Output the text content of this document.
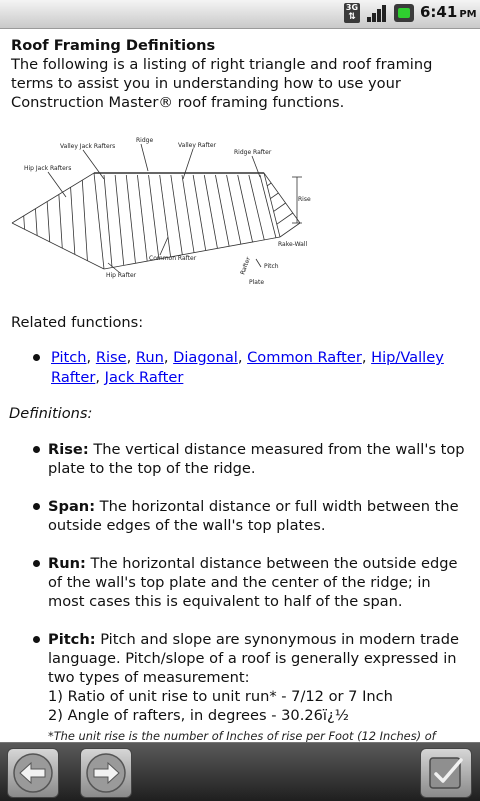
3G
⇅	6:41 PM
Roof Framing Definitions
The following is a listing of right triangle and roof framing terms to assist you in understanding how to use your Construction Master® roof framing functions.
Valley Jack Rafters
Ridge
Valley Rafter
Ridge Rafter
Hip Jack Rafters
Rise
Rake-Wall
Common Rafter
Pitch
Rafter
Hip Rafter
Plate
Related functions:
Pitch, Rise, Run, Diagonal, Common Rafter, Hip/Valley Rafter, Jack Rafter
Definitions:
Rise: The vertical distance measured from the wall's top plate to the top of the ridge.
Span: The horizontal distance or full width between the outside edges of the wall's top plates.
Run: The horizontal distance between the outside edge of the wall's top plate and the center of the ridge; in most cases this is equivalent to half of the span.
Pitch: Pitch and slope are synonymous in modern trade language. Pitch/slope of a roof is generally expressed in two types of measurement:
1) Ratio of unit rise to unit run* - 7/12 or 7 Inch
2) Angle of rafters, in degrees - 30.26ï¿½
*The unit rise is the number of Inches of rise per Foot (12 Inches) of
